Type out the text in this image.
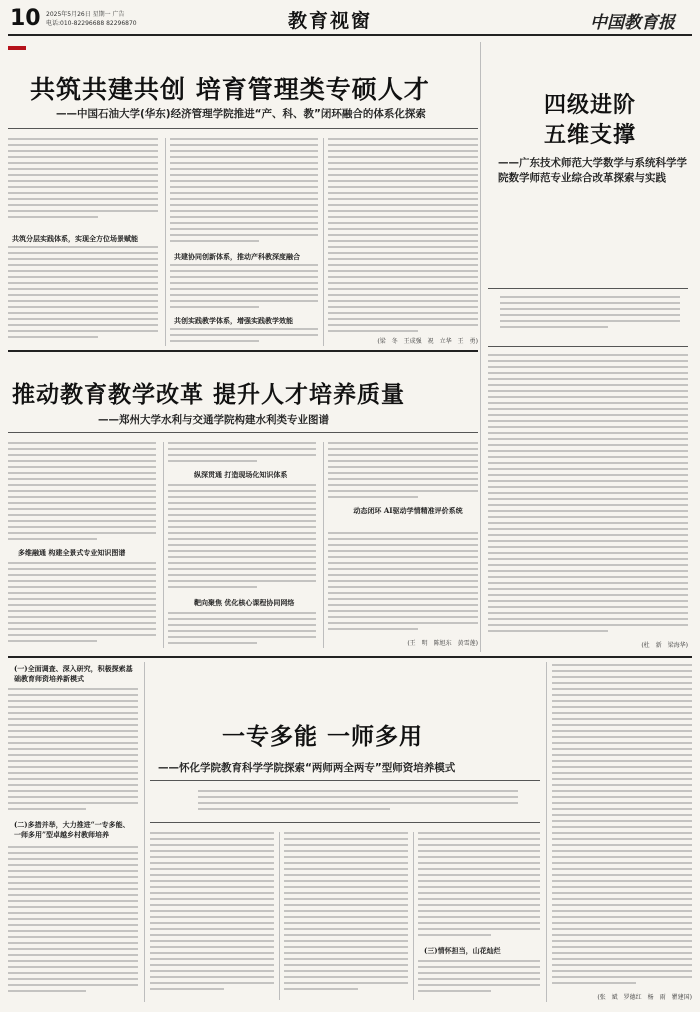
10 2025年5月26日 星期一 广告
电话:010-82296688 82296870	教育视窗	中国教育报
共筑共建共创 培育管理类专硕人才
——中国石油大学(华东)经济管理学院推进“产、科、教”闭环融合的体系化探索
共筑分层实践体系，实现全方位场景赋能
共建协同创新体系，推动产科教深度融合
共创实践教学体系，增强实践教学效能
(梁　冬　王成强　祝　立华　王　勇)
四级进阶
五维支撑
——广东技术师范大学数学与系统科学学院数学师范专业综合改革探索与实践
(杜　新　梁海华)
推动教育教学改革 提升人才培养质量
——郑州大学水利与交通学院构建水利类专业图谱
多维融通 构建全景式专业知识图谱
纵深贯通 打造现场化知识体系
靶向聚焦 优化核心课程协同网络
动态闭环 AI驱动学情精准评价系统
(王　明　陈旭东　黄雪莲)
(一)全面调查、深入研究，积极探索基础教育师资培养新模式
(二)多措并举，大力推进“一专多能、一师多用”型卓越乡村教师培养
一专多能 一师多用
——怀化学院教育科学学院探索“两师两全两专”型师资培养模式
(三)情怀担当，山花灿烂
(张　斌　罗德红　杨　雨　瞿建国)
